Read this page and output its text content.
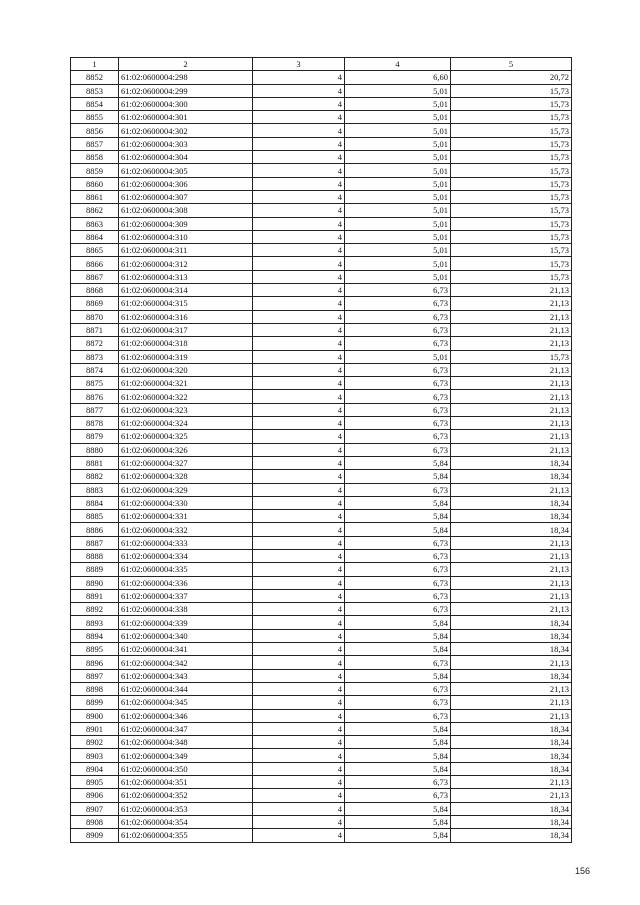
1	2	3	4	5
8852	61:02:0600004:298	4	6,60	20,72
8853	61:02:0600004:299	4	5,01	15,73
8854	61:02:0600004:300	4	5,01	15,73
8855	61:02:0600004:301	4	5,01	15,73
8856	61:02:0600004:302	4	5,01	15,73
8857	61:02:0600004:303	4	5,01	15,73
8858	61:02:0600004:304	4	5,01	15,73
8859	61:02:0600004:305	4	5,01	15,73
8860	61:02:0600004:306	4	5,01	15,73
8861	61:02:0600004:307	4	5,01	15,73
8862	61:02:0600004:308	4	5,01	15,73
8863	61:02:0600004:309	4	5,01	15,73
8864	61:02:0600004:310	4	5,01	15,73
8865	61:02:0600004:311	4	5,01	15,73
8866	61:02:0600004:312	4	5,01	15,73
8867	61:02:0600004:313	4	5,01	15,73
8868	61:02:0600004:314	4	6,73	21,13
8869	61:02:0600004:315	4	6,73	21,13
8870	61:02:0600004:316	4	6,73	21,13
8871	61:02:0600004:317	4	6,73	21,13
8872	61:02:0600004:318	4	6,73	21,13
8873	61:02:0600004:319	4	5,01	15,73
8874	61:02:0600004:320	4	6,73	21,13
8875	61:02:0600004:321	4	6,73	21,13
8876	61:02:0600004:322	4	6,73	21,13
8877	61:02:0600004:323	4	6,73	21,13
8878	61:02:0600004:324	4	6,73	21,13
8879	61:02:0600004:325	4	6,73	21,13
8880	61:02:0600004:326	4	6,73	21,13
8881	61:02:0600004:327	4	5,84	18,34
8882	61:02:0600004:328	4	5,84	18,34
8883	61:02:0600004:329	4	6,73	21,13
8884	61:02:0600004:330	4	5,84	18,34
8885	61:02:0600004:331	4	5,84	18,34
8886	61:02:0600004:332	4	5,84	18,34
8887	61:02:0600004:333	4	6,73	21,13
8888	61:02:0600004:334	4	6,73	21,13
8889	61:02:0600004:335	4	6,73	21,13
8890	61:02:0600004:336	4	6,73	21,13
8891	61:02:0600004:337	4	6,73	21,13
8892	61:02:0600004:338	4	6,73	21,13
8893	61:02:0600004:339	4	5,84	18,34
8894	61:02:0600004:340	4	5,84	18,34
8895	61:02:0600004:341	4	5,84	18,34
8896	61:02:0600004:342	4	6,73	21,13
8897	61:02:0600004:343	4	5,84	18,34
8898	61:02:0600004:344	4	6,73	21,13
8899	61:02:0600004:345	4	6,73	21,13
8900	61:02:0600004:346	4	6,73	21,13
8901	61:02:0600004:347	4	5,84	18,34
8902	61:02:0600004:348	4	5,84	18,34
8903	61:02:0600004:349	4	5,84	18,34
8904	61:02:0600004:350	4	5,84	18,34
8905	61:02:0600004:351	4	6,73	21,13
8906	61:02:0600004:352	4	6,73	21,13
8907	61:02:0600004:353	4	5,84	18,34
8908	61:02:0600004:354	4	5,84	18,34
8909	61:02:0600004:355	4	5,84	18,34
156
